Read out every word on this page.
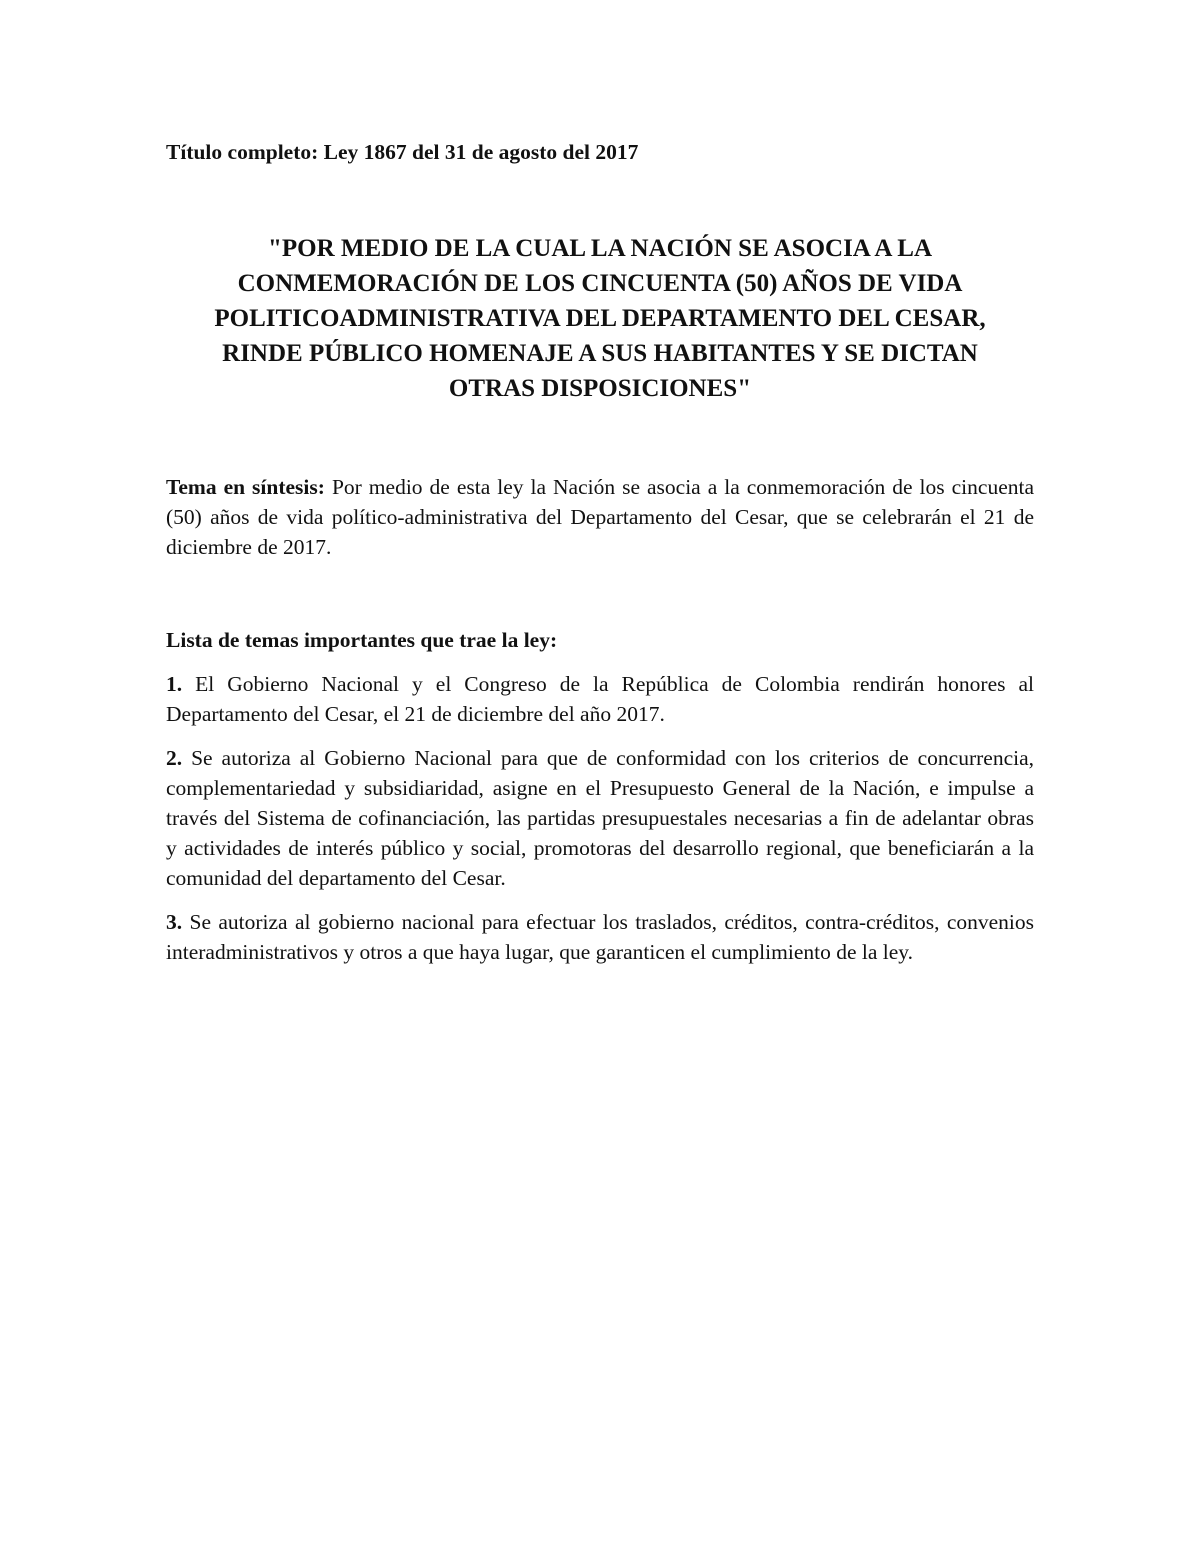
Título completo: Ley 1867 del 31 de agosto del 2017

"POR MEDIO DE LA CUAL LA NACIÓN SE ASOCIA A LA
CONMEMORACIÓN DE LOS CINCUENTA (50) AÑOS DE VIDA
POLITICOADMINISTRATIVA DEL DEPARTAMENTO DEL CESAR,
RINDE PÚBLICO HOMENAJE A SUS HABITANTES Y SE DICTAN
OTRAS DISPOSICIONES"

Tema en síntesis: Por medio de esta ley la Nación se asocia a la conmemoración de los cincuenta (50) años de vida político-administrativa del Departamento del Cesar, que se celebrarán el 21 de diciembre de 2017.

Lista de temas importantes que trae la ley:

1. El Gobierno Nacional y el Congreso de la República de Colombia rendirán honores al Departamento del Cesar, el 21 de diciembre del año 2017.

2. Se autoriza al Gobierno Nacional para que de conformidad con los criterios de concurrencia, complementariedad y subsidiaridad, asigne en el Presupuesto General de la Nación, e impulse a través del Sistema de cofinanciación, las partidas presupuestales necesarias a fin de adelantar obras y actividades de interés público y social, promotoras del desarrollo regional, que beneficiarán a la comunidad del departamento del Cesar.

3. Se autoriza al gobierno nacional para efectuar los traslados, créditos, contra-créditos, convenios interadministrativos y otros a que haya lugar, que garanticen el cumplimiento de la ley.
